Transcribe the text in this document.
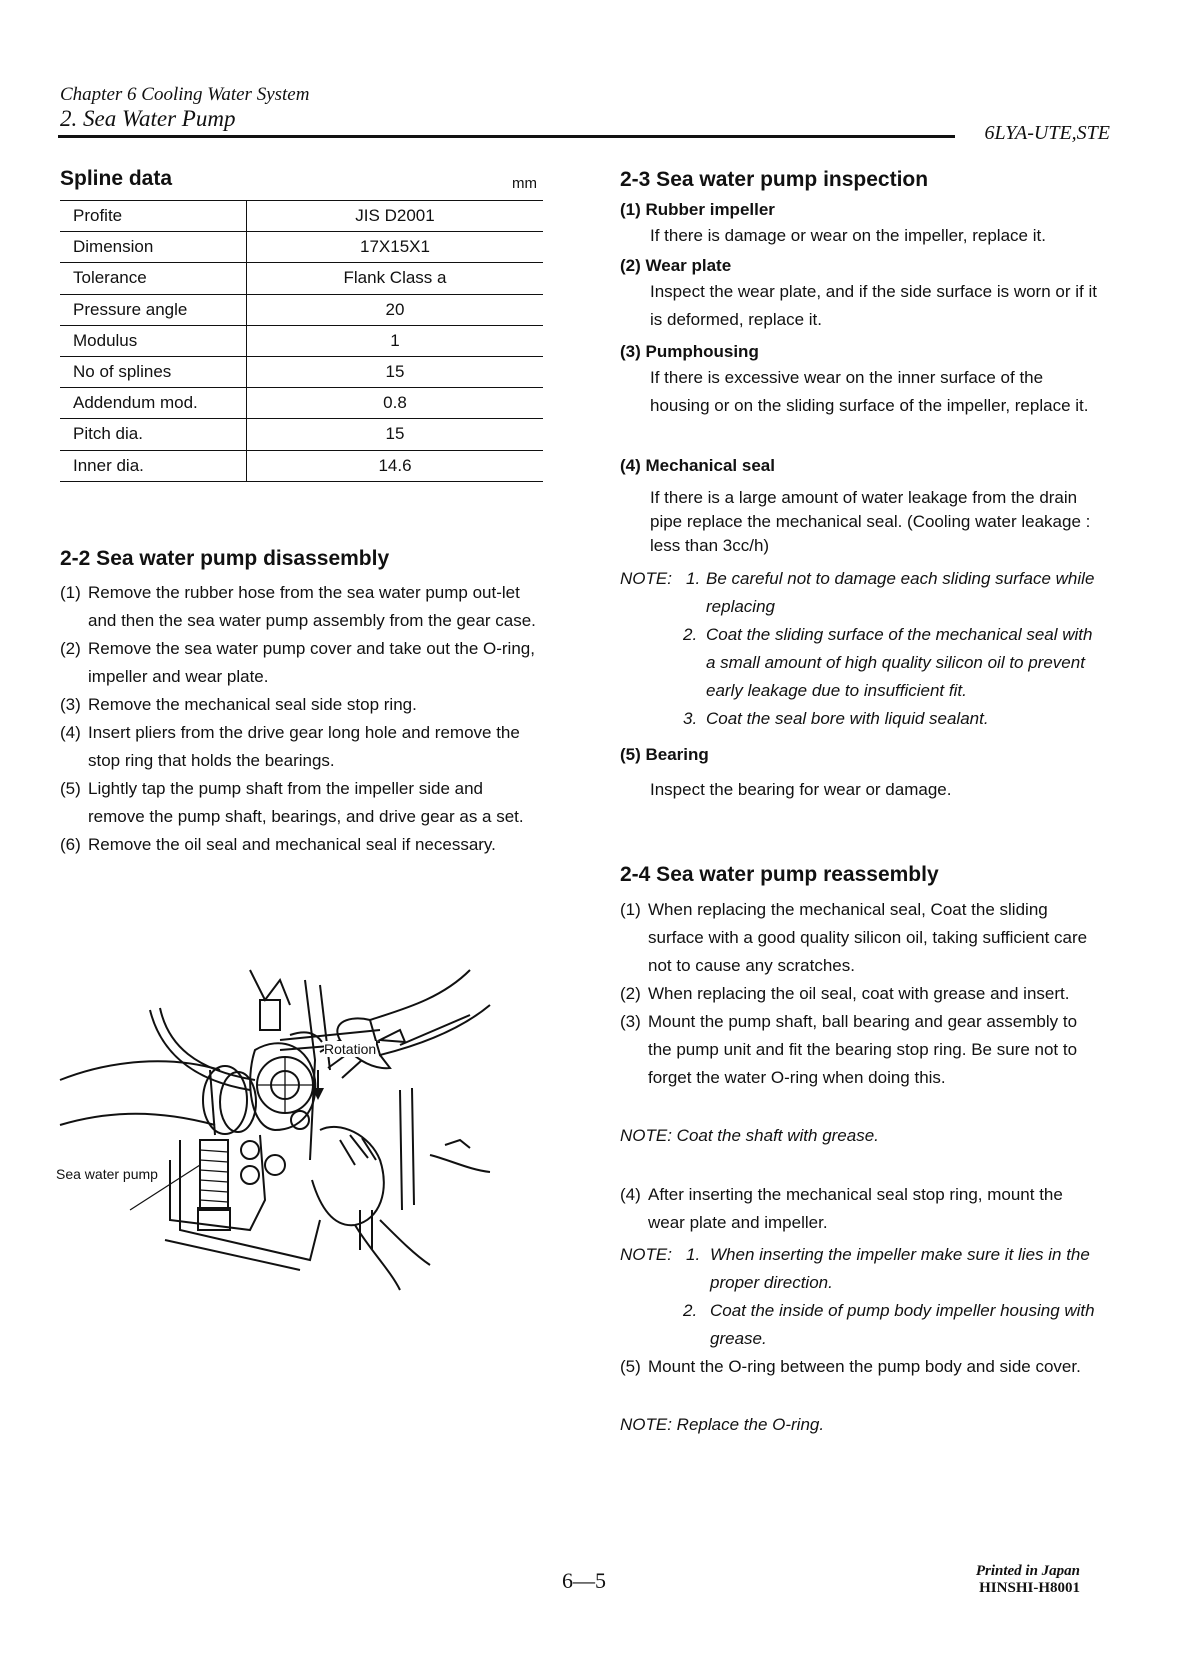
Chapter 6 Cooling Water System
2. Sea Water Pump
6LYA-UTE,STE
Spline data	mm
Profite	JIS D2001
Dimension	17X15X1
Tolerance	Flank Class a
Pressure angle	20
Modulus	1
No of splines	15
Addendum mod.	0.8
Pitch dia.	15
Inner dia.	14.6
2-2 Sea water pump disassembly

(1) Remove the rubber hose from the sea water pump out-let and then the sea water pump assembly from the gear case.

(2) Remove the sea water pump cover and take out the O-ring, impeller and wear plate.

(3) Remove the mechanical seal side stop ring.

(4) Insert pliers from the drive gear long hole and remove the stop ring that holds the bearings.

(5) Lightly tap the pump shaft from the impeller side and remove the pump shaft, bearings, and drive gear as a set.

(6) Remove the oil seal and mechanical seal if necessary.

Rotation
Sea water pump
2-3 Sea water pump inspection
(1) Rubber impeller
If there is damage or wear on the impeller, replace it.
(2) Wear plate
Inspect the wear plate, and if the side surface is worn or if it is deformed, replace it.
(3) Pumphousing
If there is excessive wear on the inner surface of the housing or on the sliding surface of the impeller, replace it.
(4) Mechanical seal
If there is a large amount of water leakage from the drain pipe replace the mechanical seal. (Cooling water leakage : less than 3cc/h)
NOTE: 1. Be careful not to damage each sliding surface while replacing
2. Coat the sliding surface of the mechanical seal with a small amount of high quality silicon oil to prevent early leakage due to insufficient fit.
3. Coat the seal bore with liquid sealant.
(5) Bearing
Inspect the bearing for wear or damage.
2-4 Sea water pump reassembly

(1) When replacing the mechanical seal, Coat the sliding surface with a good quality silicon oil, taking sufficient care not to cause any scratches.

(2) When replacing the oil seal, coat with grease and insert.

(3) Mount the pump shaft, ball bearing and gear assembly to the pump unit and fit the bearing stop ring. Be sure not to forget the water O-ring when doing this.

NOTE: Coat the shaft with grease.

(4) After inserting the mechanical seal stop ring, mount the wear plate and impeller.

NOTE: 1. When inserting the impeller make sure it lies in the proper direction.
2. Coat the inside of pump body impeller housing with grease.

(5) Mount the O-ring between the pump body and side cover.

NOTE: Replace the O-ring.
6—5	Printed in Japan
HINSHI-H8001
